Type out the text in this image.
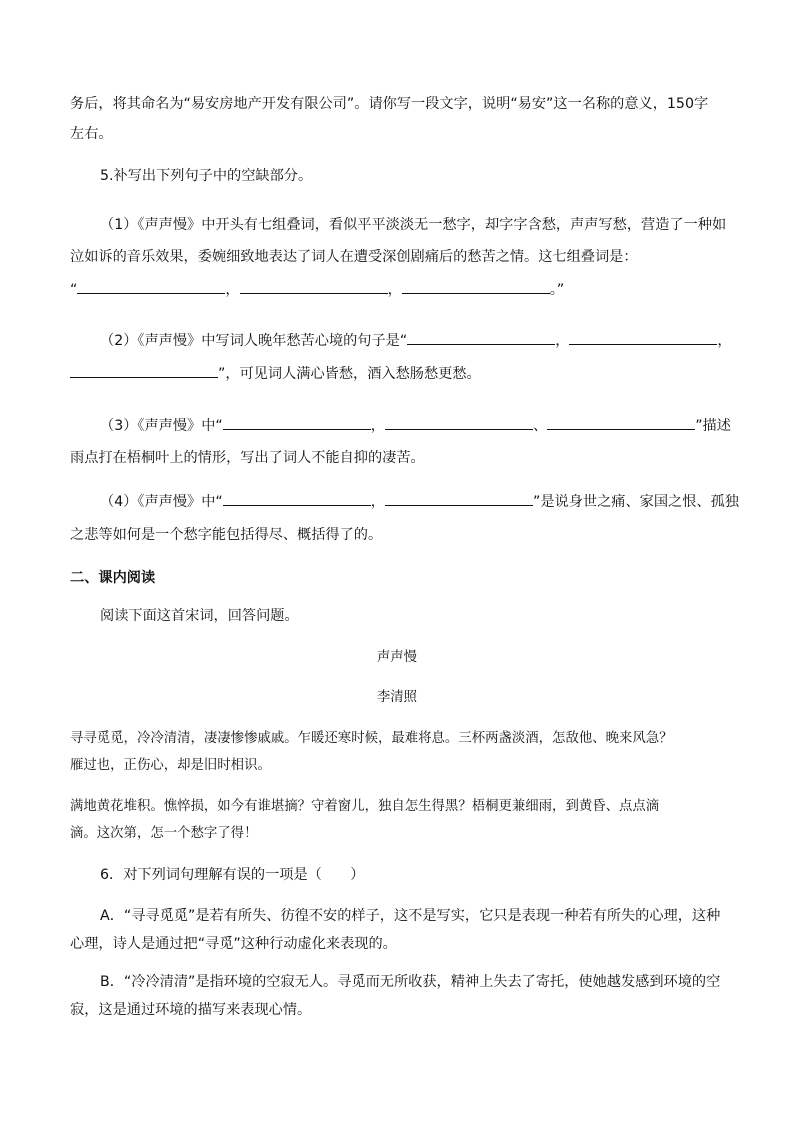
务后，将其命名为“易安房地产开发有限公司”。请你写一段文字，说明“易安”这一名称的意义，150字
左右。
5.补写出下列句子中的空缺部分。
（1）《声声慢》中开头有七组叠词，看似平平淡淡无一愁字，却字字含愁，声声写愁，营造了一种如
泣如诉的音乐效果，委婉细致地表达了词人在遭受深创剧痛后的愁苦之情。这七组叠词是：
“	，	，	。”
（2）《声声慢》中写词人晚年愁苦心境的句子是“	，	，
”，可见词人满心皆愁，酒入愁肠愁更愁。
（3）《声声慢》中“	，	、	”描述
雨点打在梧桐叶上的情形，写出了词人不能自抑的凄苦。
（4）《声声慢》中“	，	”是说身世之痛、家国之恨、孤独
之悲等如何是一个愁字能包括得尽、概括得了的。
二、课内阅读
阅读下面这首宋词，回答问题。
声声慢
李清照
寻寻觅觅，冷冷清清，凄凄惨惨戚戚。乍暖还寒时候，最难将息。三杯两盏淡酒，怎敌他、晚来风急？
雁过也，正伤心，却是旧时相识。
满地黄花堆积。憔悴损，如今有谁堪摘？守着窗儿，独自怎生得黑？梧桐更兼细雨，到黄昏、点点滴
滴。这次第，怎一个愁字了得！
6．对下列词句理解有误的一项是（　　）
A．“寻寻觅觅”是若有所失、彷徨不安的样子，这不是写实，它只是表现一种若有所失的心理，这种
心理，诗人是通过把“寻觅”这种行动虚化来表现的。
B．“冷冷清清”是指环境的空寂无人。寻觅而无所收获，精神上失去了寄托，使她越发感到环境的空
寂，这是通过环境的描写来表现心情。
